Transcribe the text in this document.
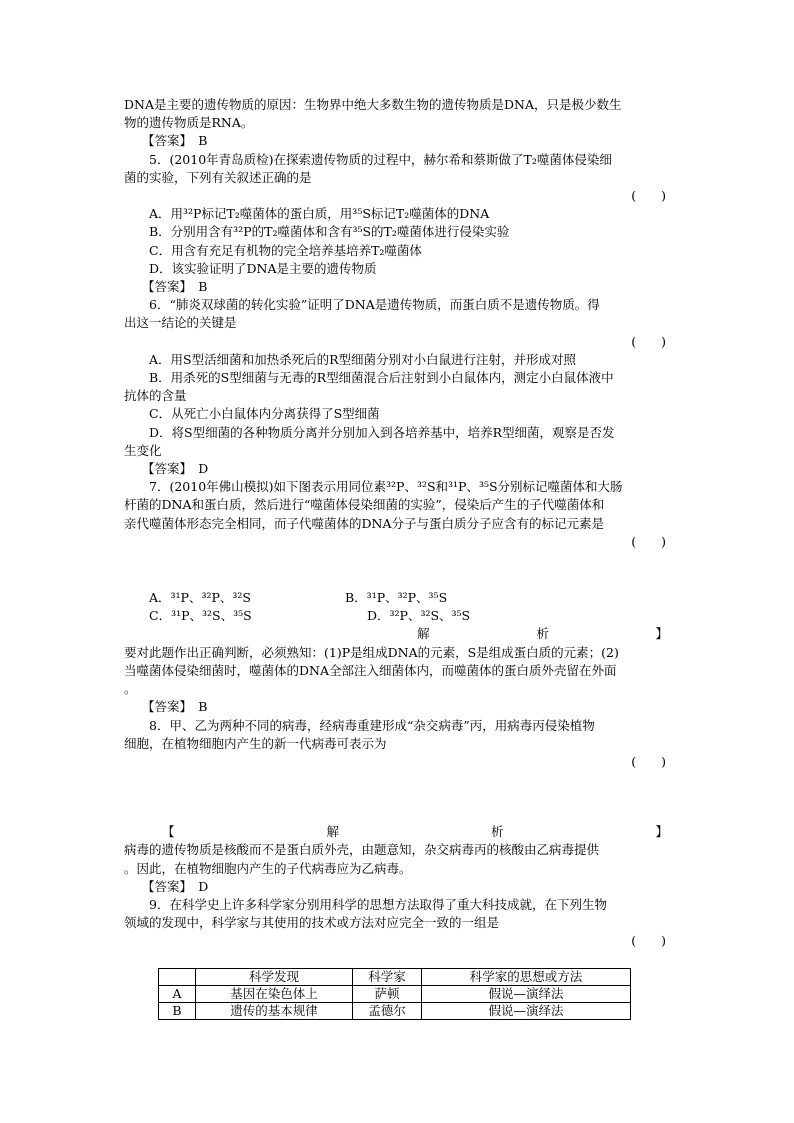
DNA是主要的遗传物质的原因：生物界中绝大多数生物的遗传物质是DNA，只是极少数生

物的遗传物质是RNA。

【答案】　B

5．(2010年青岛质检)在探索遗传物质的过程中，赫尔希和蔡斯做了T₂噬菌体侵染细

菌的实验，下列有关叙述正确的是

(　　)

A．用³²P标记T₂噬菌体的蛋白质，用³⁵S标记T₂噬菌体的DNA

B．分别用含有³²P的T₂噬菌体和含有³⁵S的T₂噬菌体进行侵染实验

C．用含有充足有机物的完全培养基培养T₂噬菌体

D．该实验证明了DNA是主要的遗传物质

【答案】　B

6．“肺炎双球菌的转化实验”证明了DNA是遗传物质，而蛋白质不是遗传物质。得

出这一结论的关键是

(　　)

A．用S型活细菌和加热杀死后的R型细菌分别对小白鼠进行注射，并形成对照

B．用杀死的S型细菌与无毒的R型细菌混合后注射到小白鼠体内，测定小白鼠体液中

抗体的含量

C．从死亡小白鼠体内分离获得了S型细菌

D．将S型细菌的各种物质分离并分别加入到各培养基中，培养R型细菌，观察是否发

生变化

【答案】　D

7．(2010年佛山模拟)如下图表示用同位素³²P、³²S和³¹P、³⁵S分别标记噬菌体和大肠

杆菌的DNA和蛋白质，然后进行“噬菌体侵染细菌的实验”，侵染后产生的子代噬菌体和

亲代噬菌体形态完全相同，而子代噬菌体的DNA分子与蛋白质分子应含有的标记元素是

(　　)

A．³¹P、³²P、³²S	B．³¹P、³²P、³⁵S
C．³¹P、³²S、³⁵S	D．³²P、³²S、³⁵S
解	析	】

要对此题作出正确判断，必须熟知：(1)P是组成DNA的元素，S是组成蛋白质的元素；(2)

当噬菌体侵染细菌时，噬菌体的DNA全部注入细菌体内，而噬菌体的蛋白质外壳留在外面

。

【答案】　B

8．甲、乙为两种不同的病毒，经病毒重建形成“杂交病毒”丙，用病毒丙侵染植物

细胞，在植物细胞内产生的新一代病毒可表示为

(　　)

【	解	析	】

病毒的遗传物质是核酸而不是蛋白质外壳，由题意知，杂交病毒丙的核酸由乙病毒提供

。因此，在植物细胞内产生的子代病毒应为乙病毒。

【答案】　D

9．在科学史上许多科学家分别用科学的思想方法取得了重大科技成就，在下列生物

领域的发现中，科学家与其使用的技术或方法对应完全一致的一组是

(　　)

	科学发现	科学家	科学家的思想或方法
A	基因在染色体上	萨顿	假说—演绎法
B	遗传的基本规律	孟德尔	假说—演绎法
